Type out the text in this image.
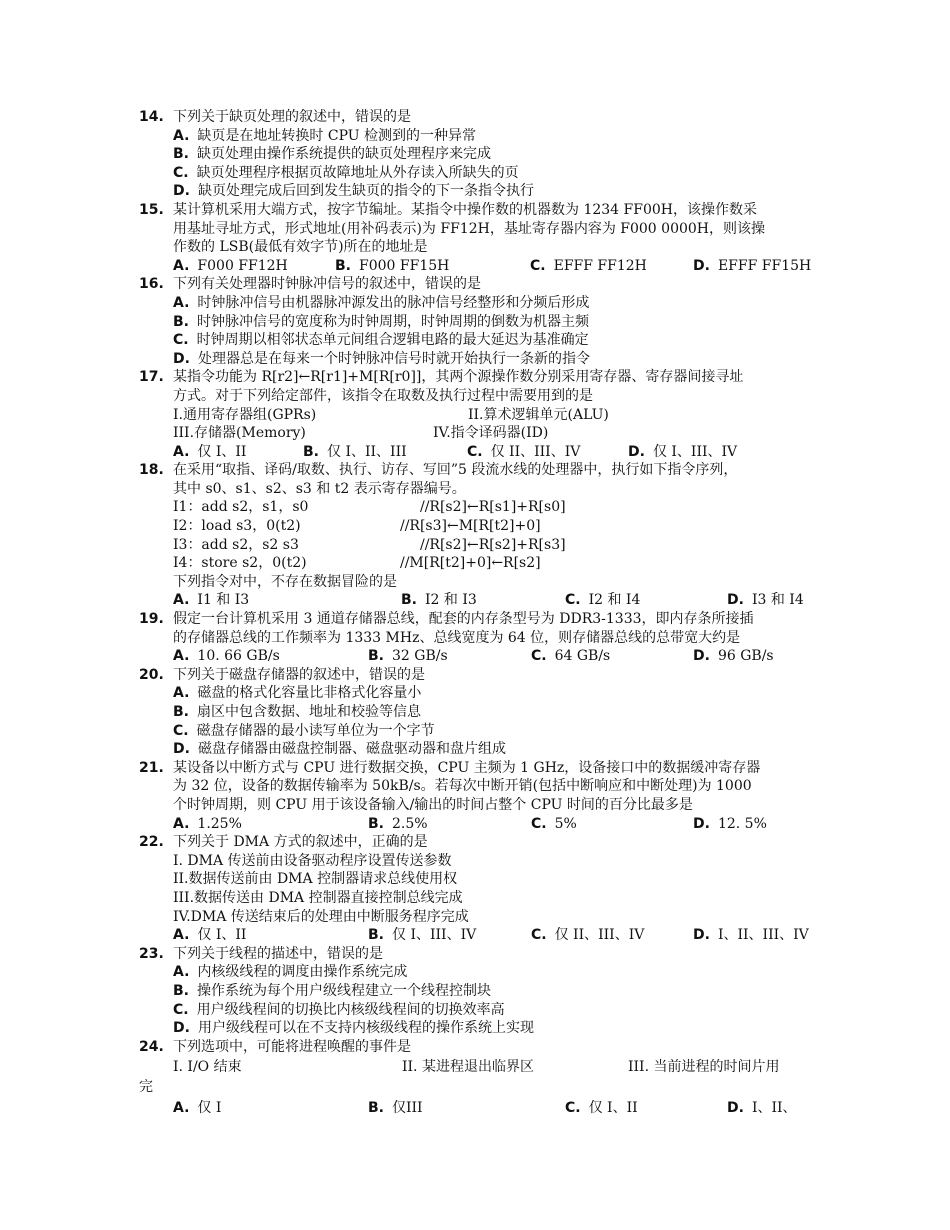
14. 下列关于缺页处理的叙述中，错误的是
A. 缺页是在地址转换时 CPU 检测到的一种异常
B. 缺页处理由操作系统提供的缺页处理程序来完成
C. 缺页处理程序根据页故障地址从外存读入所缺失的页
D. 缺页处理完成后回到发生缺页的指令的下一条指令执行
15. 某计算机采用大端方式，按字节编址。某指令中操作数的机器数为 1234 FF00H，该操作数采
用基址寻址方式，形式地址(用补码表示)为 FF12H，基址寄存器内容为 F000 0000H，则该操
作数的 LSB(最低有效字节)所在的地址是
A. F000 FF12H	B. F000 FF15H	C. EFFF FF12H	D. EFFF FF15H
16. 下列有关处理器时钟脉冲信号的叙述中，错误的是
A. 时钟脉冲信号由机器脉冲源发出的脉冲信号经整形和分频后形成
B. 时钟脉冲信号的宽度称为时钟周期，时钟周期的倒数为机器主频
C. 时钟周期以相邻状态单元间组合逻辑电路的最大延迟为基准确定
D. 处理器总是在每来一个时钟脉冲信号时就开始执行一条新的指令
17. 某指令功能为 R[r2]←R[r1]+M[R[r0]]，其两个源操作数分别采用寄存器、寄存器间接寻址
方式。对于下列给定部件，该指令在取数及执行过程中需要用到的是
I.通用寄存器组(GPRs)	II.算术逻辑单元(ALU)
III.存储器(Memory)	IV.指令译码器(ID)
A. 仅 I、II	B. 仅 I、II、III	C. 仅 II、III、IV	D. 仅 I、III、IV
18. 在采用“取指、译码/取数、执行、访存、写回”5 段流水线的处理器中，执行如下指令序列，
其中 s0、s1、s2、s3 和 t2 表示寄存器编号。
I1：add s2，s1，s0	//R[s2]←R[s1]+R[s0]
I2：load s3，0(t2)	//R[s3]←M[R[t2]+0]
I3：add s2，s2 s3	//R[s2]←R[s2]+R[s3]
I4：store s2，0(t2)	//M[R[t2]+0]←R[s2]
下列指令对中，不存在数据冒险的是
A. I1 和 I3	B. I2 和 I3	C. I2 和 I4	D. I3 和 I4
19. 假定一台计算机采用 3 通道存储器总线，配套的内存条型号为 DDR3-1333，即内存条所接插
的存储器总线的工作频率为 1333 MHz、总线宽度为 64 位，则存储器总线的总带宽大约是
A. 10. 66 GB/s	B. 32 GB/s	C. 64 GB/s	D. 96 GB/s
20. 下列关于磁盘存储器的叙述中，错误的是
A. 磁盘的格式化容量比非格式化容量小
B. 扇区中包含数据、地址和校验等信息
C. 磁盘存储器的最小读写单位为一个字节
D. 磁盘存储器由磁盘控制器、磁盘驱动器和盘片组成
21. 某设备以中断方式与 CPU 进行数据交换，CPU 主频为 1 GHz，设备接口中的数据缓冲寄存器
为 32 位，设备的数据传输率为 50kB/s。若每次中断开销(包括中断响应和中断处理)为 1000
个时钟周期，则 CPU 用于该设备输入/输出的时间占整个 CPU 时间的百分比最多是
A. 1.25%	B. 2.5%	C. 5%	D. 12. 5%
22. 下列关于 DMA 方式的叙述中，正确的是
I. DMA 传送前由设备驱动程序设置传送参数
II.数据传送前由 DMA 控制器请求总线使用权
III.数据传送由 DMA 控制器直接控制总线完成
IV.DMA 传送结束后的处理由中断服务程序完成
A. 仅 I、II	B. 仅 I、III、IV	C. 仅 II、III、IV	D. I、II、III、IV
23. 下列关于线程的描述中，错误的是
A. 内核级线程的调度由操作系统完成
B. 操作系统为每个用户级线程建立一个线程控制块
C. 用户级线程间的切换比内核级线程间的切换效率高
D. 用户级线程可以在不支持内核级线程的操作系统上实现
24. 下列选项中，可能将进程唤醒的事件是
I. I/O 结束	II. 某进程退出临界区	III. 当前进程的时间片用
完
A. 仅 I	B. 仅III	C. 仅 I、II	D. I、II、
